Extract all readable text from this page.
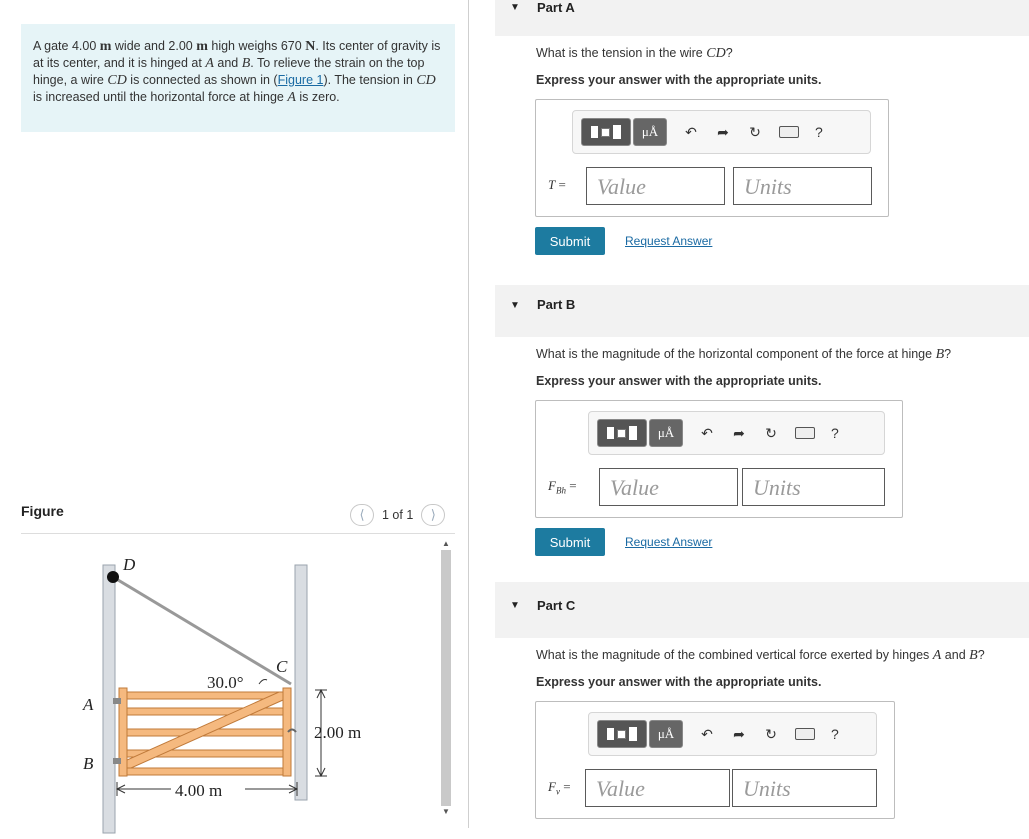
A gate 4.00 m wide and 2.00 m high weighs 670 N. Its center of gravity is at its center, and it is hinged at A and B. To relieve the strain on the top hinge, a wire CD is connected as shown in (Figure 1). The tension in CD is increased until the horizontal force at hinge A is zero.
Figure	⟨ 1 of 1 ⟩
D
C
A
B
30.0°
2.00 m
4.00 m
▲
▼
▼ Part A
What is the tension in the wire CD?
Express your answer with the appropriate units.
μÅ	↶ ➦ ↻	?
T =	Value	Units
Submit	Request Answer
▼ Part B
What is the magnitude of the horizontal component of the force at hinge B?
Express your answer with the appropriate units.
μÅ	↶ ➦ ↻	?
$F_{Bh}$ =	Value	Units
Submit	Request Answer
▼ Part C
What is the magnitude of the combined vertical force exerted by hinges A and B?
Express your answer with the appropriate units.
μÅ	↶ ➦ ↻	?
$F_v$ =	Value	Units
